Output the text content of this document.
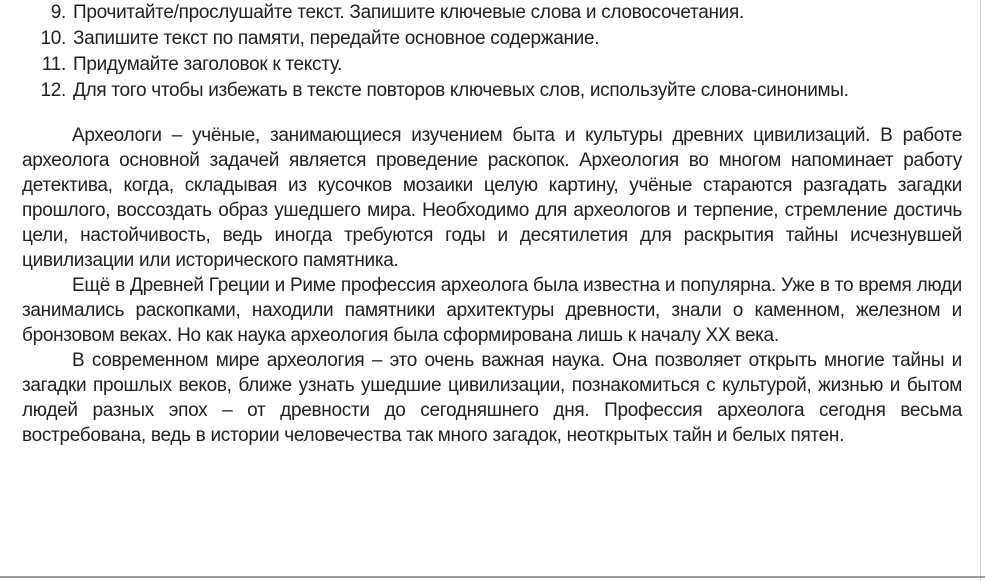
9. Прочитайте/прослушайте текст. Запишите ключевые слова и словосочетания.
10. Запишите текст по памяти, передайте основное содержание.
11. Придумайте заголовок к тексту.
12. Для того чтобы избежать в тексте повторов ключевых слов, используйте слова-синонимы.

Археологи – учёные, занимающиеся изучением быта и культуры древних цивилизаций. В работе археолога основной задачей является проведение раскопок. Археология во многом напоминает работу детектива, когда, складывая из кусочков мозаики целую картину, учёные стараются разгадать загадки прошлого, воссоздать образ ушедшего мира. Необходимо для археологов и терпение, стремление достичь цели, настойчивость, ведь иногда требуются годы и десятилетия для раскрытия тайны исчезнувшей цивилизации или исторического памятника.

Ещё в Древней Греции и Риме профессия археолога была известна и популярна. Уже в то время люди занимались раскопками, находили памятники архитектуры древности, знали о каменном, железном и бронзовом веках. Но как наука археология была сформирована лишь к началу XX века.

В современном мире археология – это очень важная наука. Она позволяет открыть многие тайны и загадки прошлых веков, ближе узнать ушедшие цивилизации, познакомиться с культурой, жизнью и бытом людей разных эпох – от древности до сегодняшнего дня. Профессия археолога сегодня весьма востребована, ведь в истории человечества так много загадок, неоткрытых тайн и белых пятен.
